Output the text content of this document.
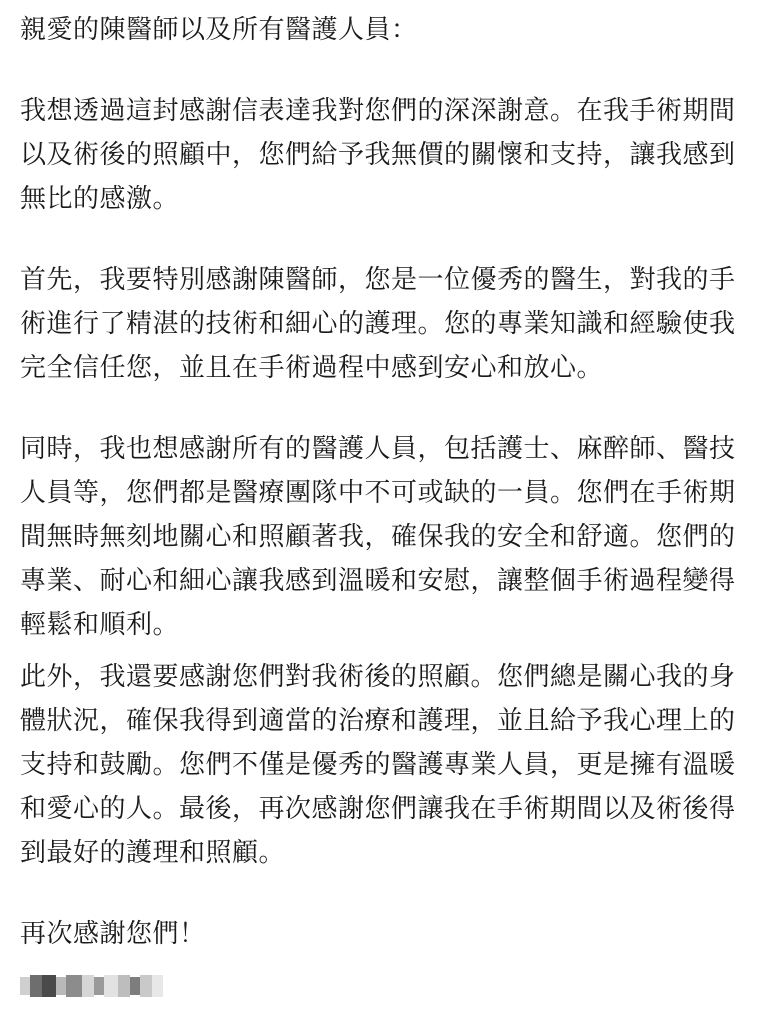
親愛的陳醫師以及所有醫護人員：
我想透過這封感謝信表達我對您們的深深謝意。在我手術期間
以及術後的照顧中，您們給予我無價的關懷和支持，讓我感到
無比的感激。
首先，我要特別感謝陳醫師，您是一位優秀的醫生，對我的手
術進行了精湛的技術和細心的護理。您的專業知識和經驗使我
完全信任您，並且在手術過程中感到安心和放心。
同時，我也想感謝所有的醫護人員，包括護士、麻醉師、醫技
人員等，您們都是醫療團隊中不可或缺的一員。您們在手術期
間無時無刻地關心和照顧著我，確保我的安全和舒適。您們的
專業、耐心和細心讓我感到溫暖和安慰，讓整個手術過程變得
輕鬆和順利。
此外，我還要感謝您們對我術後的照顧。您們總是關心我的身
體狀況，確保我得到適當的治療和護理，並且給予我心理上的
支持和鼓勵。您們不僅是優秀的醫護專業人員，更是擁有溫暖
和愛心的人。最後，再次感謝您們讓我在手術期間以及術後得
到最好的護理和照顧。
再次感謝您們！
